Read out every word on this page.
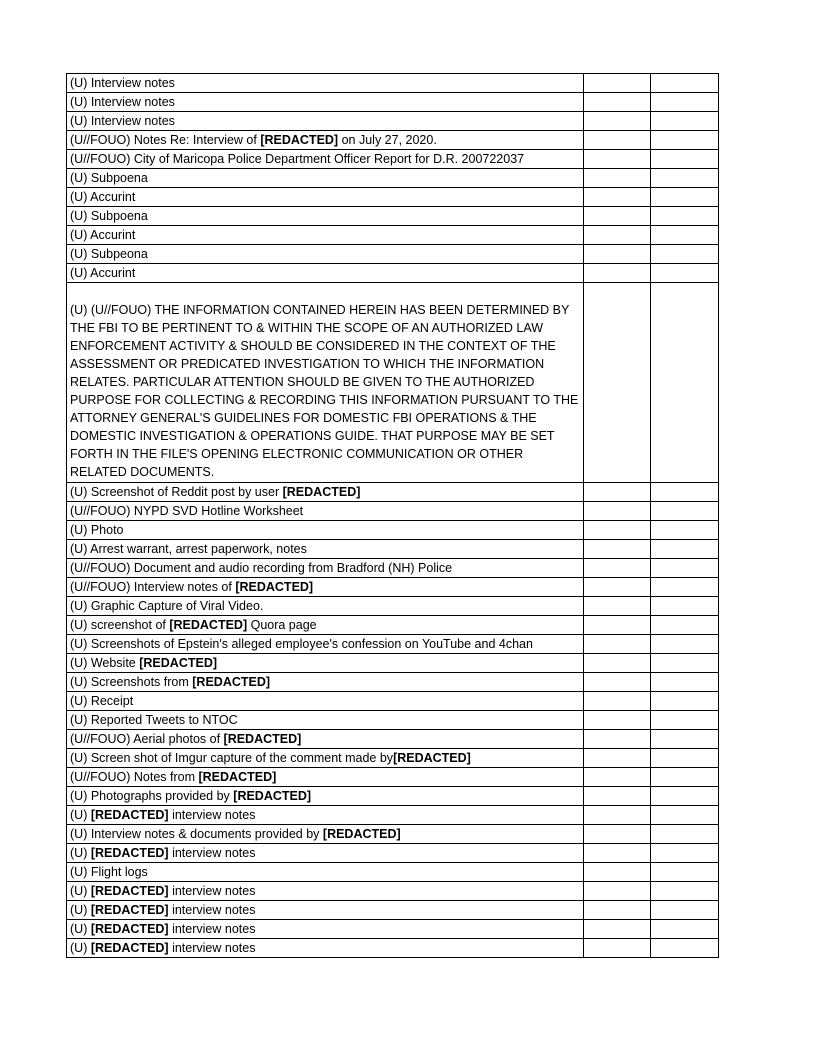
(U) Interview notes		
(U) Interview notes		
(U) Interview notes		
(U//FOUO) Notes Re: Interview of [REDACTED] on July 27, 2020.		
(U//FOUO) City of Maricopa Police Department Officer Report for D.R. 200722037		
(U) Subpoena		
(U) Accurint		
(U) Subpoena		
(U) Accurint		
(U) Subpeona		
(U) Accurint		

(U) (U//FOUO) THE INFORMATION CONTAINED HEREIN HAS BEEN DETERMINED BY THE FBI TO BE PERTINENT TO & WITHIN THE SCOPE OF AN AUTHORIZED LAW ENFORCEMENT ACTIVITY & SHOULD BE CONSIDERED IN THE CONTEXT OF THE ASSESSMENT OR PREDICATED INVESTIGATION TO WHICH THE INFORMATION RELATES. PARTICULAR ATTENTION SHOULD BE GIVEN TO THE AUTHORIZED PURPOSE FOR COLLECTING & RECORDING THIS INFORMATION PURSUANT TO THE ATTORNEY GENERAL'S GUIDELINES FOR DOMESTIC FBI OPERATIONS & THE DOMESTIC INVESTIGATION & OPERATIONS GUIDE. THAT PURPOSE MAY BE SET FORTH IN THE FILE'S OPENING ELECTRONIC COMMUNICATION OR OTHER RELATED DOCUMENTS.		
(U) Screenshot of Reddit post by user [REDACTED]		
(U//FOUO) NYPD SVD Hotline Worksheet		
(U) Photo		
(U) Arrest warrant, arrest paperwork, notes		
(U//FOUO) Document and audio recording from Bradford (NH) Police		
(U//FOUO) Interview notes of [REDACTED]		
(U) Graphic Capture of Viral Video.		
(U) screenshot of [REDACTED] Quora page		
(U) Screenshots of Epstein's alleged employee's confession on YouTube and 4chan		
(U) Website [REDACTED]		
(U) Screenshots from [REDACTED]		
(U) Receipt		
(U) Reported Tweets to NTOC		
(U//FOUO) Aerial photos of [REDACTED]		
(U) Screen shot of Imgur capture of the comment made by[REDACTED]		
(U//FOUO) Notes from [REDACTED]		
(U) Photographs provided by [REDACTED]		
(U) [REDACTED] interview notes		
(U) Interview notes & documents provided by [REDACTED]		
(U) [REDACTED] interview notes		
(U) Flight logs		
(U) [REDACTED] interview notes		
(U) [REDACTED] interview notes		
(U) [REDACTED] interview notes		
(U) [REDACTED] interview notes		
